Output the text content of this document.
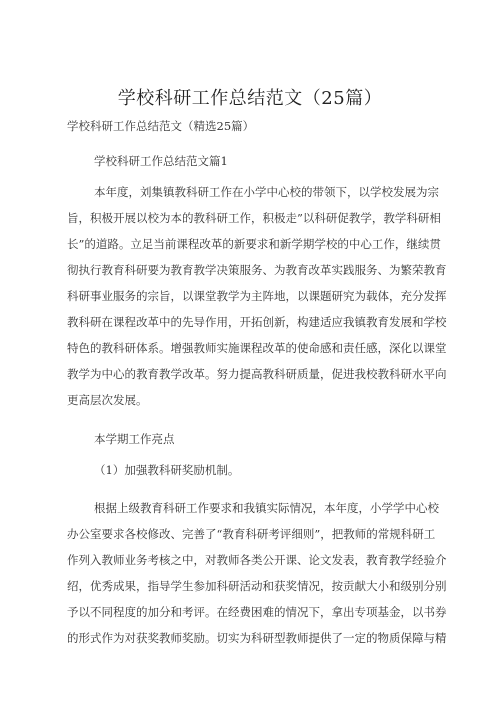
学校科研工作总结范文（25篇）
学校科研工作总结范文（精选25篇）
学校科研工作总结范文篇1
本年度，刘集镇教科研工作在小学中心校的带领下，以学校发展为宗
旨，积极开展以校为本的教科研工作，积极走”以科研促教学，教学科研相
长”的道路。立足当前课程改革的新要求和新学期学校的中心工作，继续贯
彻执行教育科研要为教育教学决策服务、为教育改革实践服务、为繁荣教育
科研事业服务的宗旨，以课堂教学为主阵地，以课题研究为载体，充分发挥
教科研在课程改革中的先导作用，开拓创新，构建适应我镇教育发展和学校
特色的教科研体系。增强教师实施课程改革的使命感和责任感，深化以课堂
教学为中心的教育教学改革。努力提高教科研质量，促进我校教科研水平向
更高层次发展。
本学期工作亮点
（1）加强教科研奖励机制。
根据上级教育科研工作要求和我镇实际情况，本年度，小学学中心校
办公室要求各校修改、完善了“教育科研考评细则”，把教师的常规科研工
作列入教师业务考核之中，对教师各类公开课、论文发表，教育教学经验介
绍，优秀成果，指导学生参加科研活动和获奖情况，按贡献大小和级别分别
予以不同程度的加分和考评。在经费困难的情况下，拿出专项基金，以书券
的形式作为对获奖教师奖励。切实为科研型教师提供了一定的物质保障与精
